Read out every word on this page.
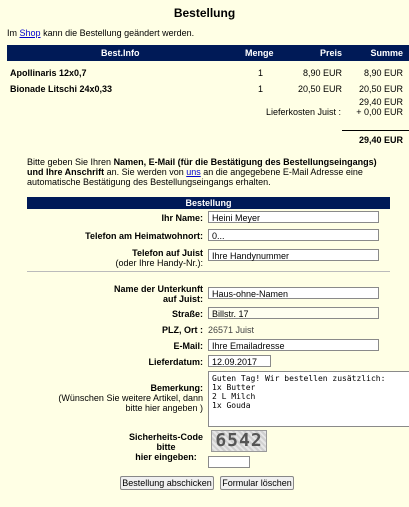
Bestellung
Im Shop kann die Bestellung geändert werden.
Best.Info	Menge	Preis	Summe
Apollinaris 12x0,7	1	8,90 EUR 8,90 EUR
Bionade Litschi 24x0,33	1	20,50 EUR 20,50 EUR
29,40 EUR
Lieferkosten Juist : + 0,00 EUR
29,40 EUR
Bitte geben Sie Ihren Namen, E-Mail (für die Bestätigung des Bestellungseingangs) und Ihre Anschrift an. Sie werden von uns an die angegebene E-Mail Adresse eine automatische Bestätigung des Bestellungseingangs erhalten.
Bestellung
Ihr Name:	Heini Meyer
Telefon am Heimatwohnort:	0...
Telefon auf Juist
(oder Ihre Handy-Nr.):
Ihre Handynummer
Name der Unterkunft
auf Juist:	Haus-ohne-Namen
Straße:	Billstr. 17
PLZ, Ort : 26571 Juist
E-Mail:	Ihre Emailadresse
Lieferdatum:	12.09.2017
Bemerkung:
(Wünschen Sie weitere Artikel, dann
bitte hier angeben )
Guten Tag! Wir bestellen zusätzlich:
1x Butter
2 L Milch
1x Gouda
Sicherheits-Code
bitte
hier eingeben:
6542
Bestellung abschicken Formular löschen
